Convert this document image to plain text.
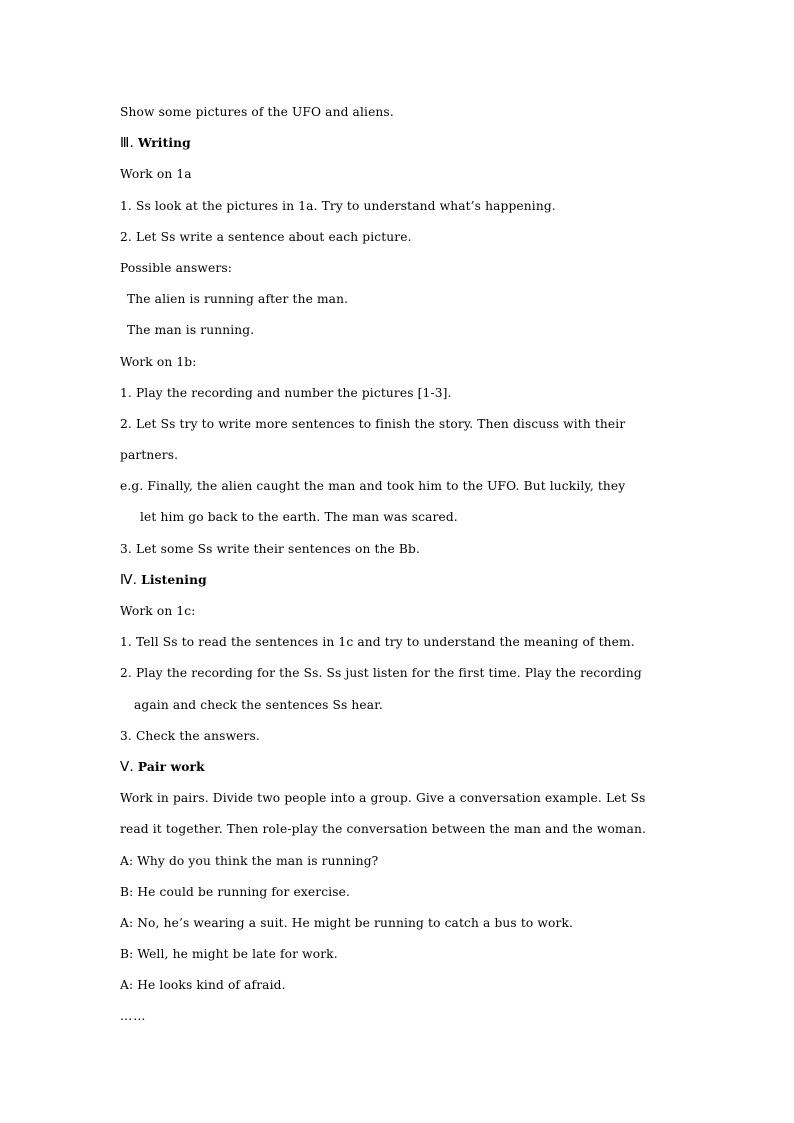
Show some pictures of the UFO and aliens.
Ⅲ. Writing
Work on 1a
1. Ss look at the pictures in 1a. Try to understand what’s happening.
2. Let Ss write a sentence about each picture.
Possible answers:
The alien is running after the man.
The man is running.
Work on 1b:
1. Play the recording and number the pictures [1-3].
2. Let Ss try to write more sentences to finish the story. Then discuss with their
partners.
e.g. Finally, the alien caught the man and took him to the UFO. But luckily, they
let him go back to the earth. The man was scared.
3. Let some Ss write their sentences on the Bb.
Ⅳ. Listening
Work on 1c:
1. Tell Ss to read the sentences in 1c and try to understand the meaning of them.
2. Play the recording for the Ss. Ss just listen for the first time. Play the recording
again and check the sentences Ss hear.
3. Check the answers.
Ⅴ. Pair work
Work in pairs. Divide two people into a group. Give a conversation example. Let Ss
read it together. Then role-play the conversation between the man and the woman.
A: Why do you think the man is running?
B: He could be running for exercise.
A: No, he’s wearing a suit. He might be running to catch a bus to work.
B: Well, he might be late for work.
A: He looks kind of afraid.
……
